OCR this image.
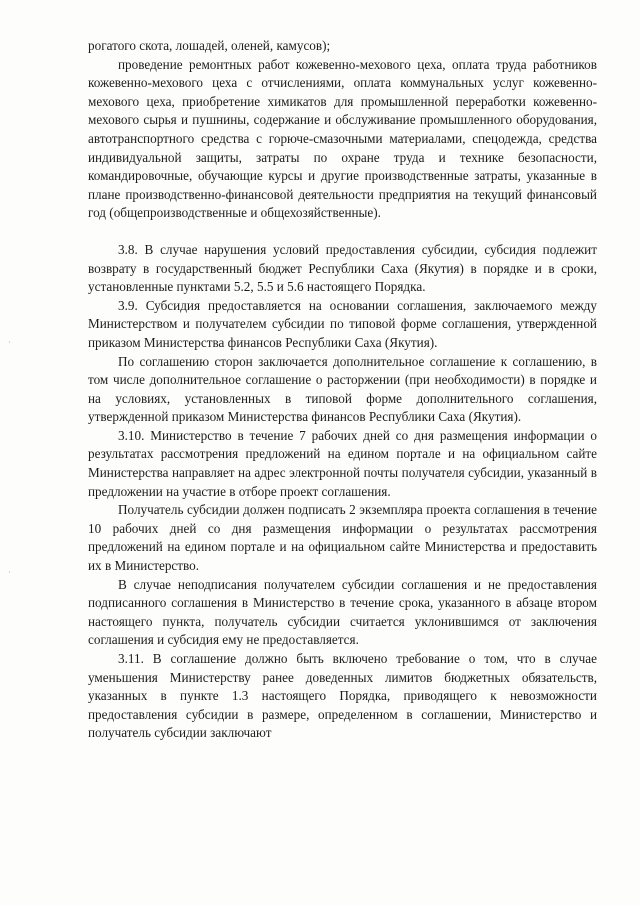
·
·

рогатого скота, лошадей, оленей, камусов);

проведение ремонтных работ кожевенно-мехового цеха, оплата труда работников кожевенно-мехового цеха с отчислениями, оплата коммунальных услуг кожевенно-мехового цеха, приобретение химикатов для промышленной переработки кожевенно-мехового сырья и пушнины, содержание и обслуживание промышленного оборудования, автотранспортного средства с горюче-смазочными материалами, спецодежда, средства индивидуальной защиты, затраты по охране труда и технике безопасности, командировочные, обучающие курсы и другие производственные затраты, указанные в плане производственно-финансовой деятельности предприятия на текущий финансовый год (общепроизводственные и общехозяйственные).

3.8. В случае нарушения условий предоставления субсидии, субсидия подлежит возврату в государственный бюджет Республики Саха (Якутия) в порядке и в сроки, установленные пунктами 5.2, 5.5 и 5.6 настоящего Порядка.

3.9. Субсидия предоставляется на основании соглашения, заключаемого между Министерством и получателем субсидии по типовой форме соглашения, утвержденной приказом Министерства финансов Республики Саха (Якутия).

По соглашению сторон заключается дополнительное соглашение к соглашению, в том числе дополнительное соглашение о расторжении (при необходимости) в порядке и на условиях, установленных в типовой форме дополнительного соглашения, утвержденной приказом Министерства финансов Республики Саха (Якутия).

3.10. Министерство в течение 7 рабочих дней со дня размещения информации о результатах рассмотрения предложений на едином портале и на официальном сайте Министерства направляет на адрес электронной почты получателя субсидии, указанный в предложении на участие в отборе проект соглашения.

Получатель субсидии должен подписать 2 экземпляра проекта соглашения в течение 10 рабочих дней со дня размещения информации о результатах рассмотрения предложений на едином портале и на официальном сайте Министерства и предоставить их в Министерство.

В случае неподписания получателем субсидии соглашения и не предоставления подписанного соглашения в Министерство в течение срока, указанного в абзаце втором настоящего пункта, получатель субсидии считается уклонившимся от заключения соглашения и субсидия ему не предоставляется.

3.11. В соглашение должно быть включено требование о том, что в случае уменьшения Министерству ранее доведенных лимитов бюджетных обязательств, указанных в пункте 1.3 настоящего Порядка, приводящего к невозможности предоставления субсидии в размере, определенном в соглашении, Министерство и получатель субсидии заключают
